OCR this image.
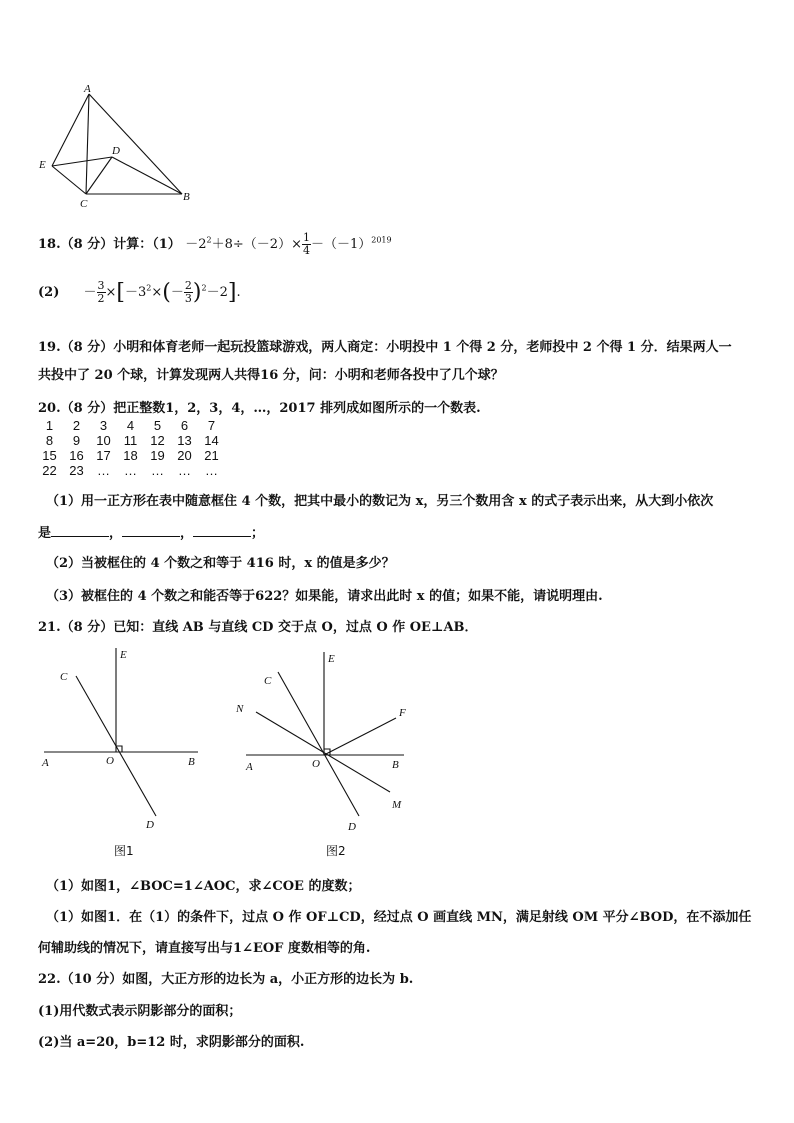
A
D
E
C
B
18.（8 分）计算：$(1) -2^2+8\div(-2)\times \frac{1}{4} -(-1)^{2019}$
$(2) - \frac{3}{2} \times[-3^2\times(- \frac{2}{3} )^2-2]$.
19.（8 分）小明和体育老师一起玩投篮球游戏，两人商定：小明投中 1 个得 2 分，老师投中 2 个得 1 分．结果两人一
共投中了 20 个球，计算发现两人共得16 分，问：小明和老师各投中了几个球？
20.（8 分）把正整数1，2，3，4，…，2017 排列成如图所示的一个数表.
1	2	3	4	5	6	7
8	9	10	11	12 13 14
15 16 17 18 19 20 21
22 23	…	…	…	…	…
（1）用一正方形在表中随意框住 4 个数，把其中最小的数记为 x，另三个数用含 x 的式子表示出来，从大到小依次
是	，	，	；
（2）当被框住的 4 个数之和等于 416 时，x 的值是多少？
（3）被框住的 4 个数之和能否等于622？如果能，请求出此时 x 的值；如果不能，请说明理由.
21.（8 分）已知：直线 AB 与直线 CD 交于点 O，过点 O 作 OE⊥AB．
E
C
A	O	B
D
图1
E
C
N	F
A	O	B
M
D
图2
（1）如图1，∠BOC=1∠AOC，求∠COE 的度数；
（1）如图1．在（1）的条件下，过点 O 作 OF⊥CD，经过点 O 画直线 MN，满足射线 OM 平分∠BOD，在不添加任
何辅助线的情况下，请直接写出与1∠EOF 度数相等的角.
22.（10 分）如图，大正方形的边长为 a，小正方形的边长为 b.
(1)用代数式表示阴影部分的面积；
(2)当 a=20，b=12 时，求阴影部分的面积.
